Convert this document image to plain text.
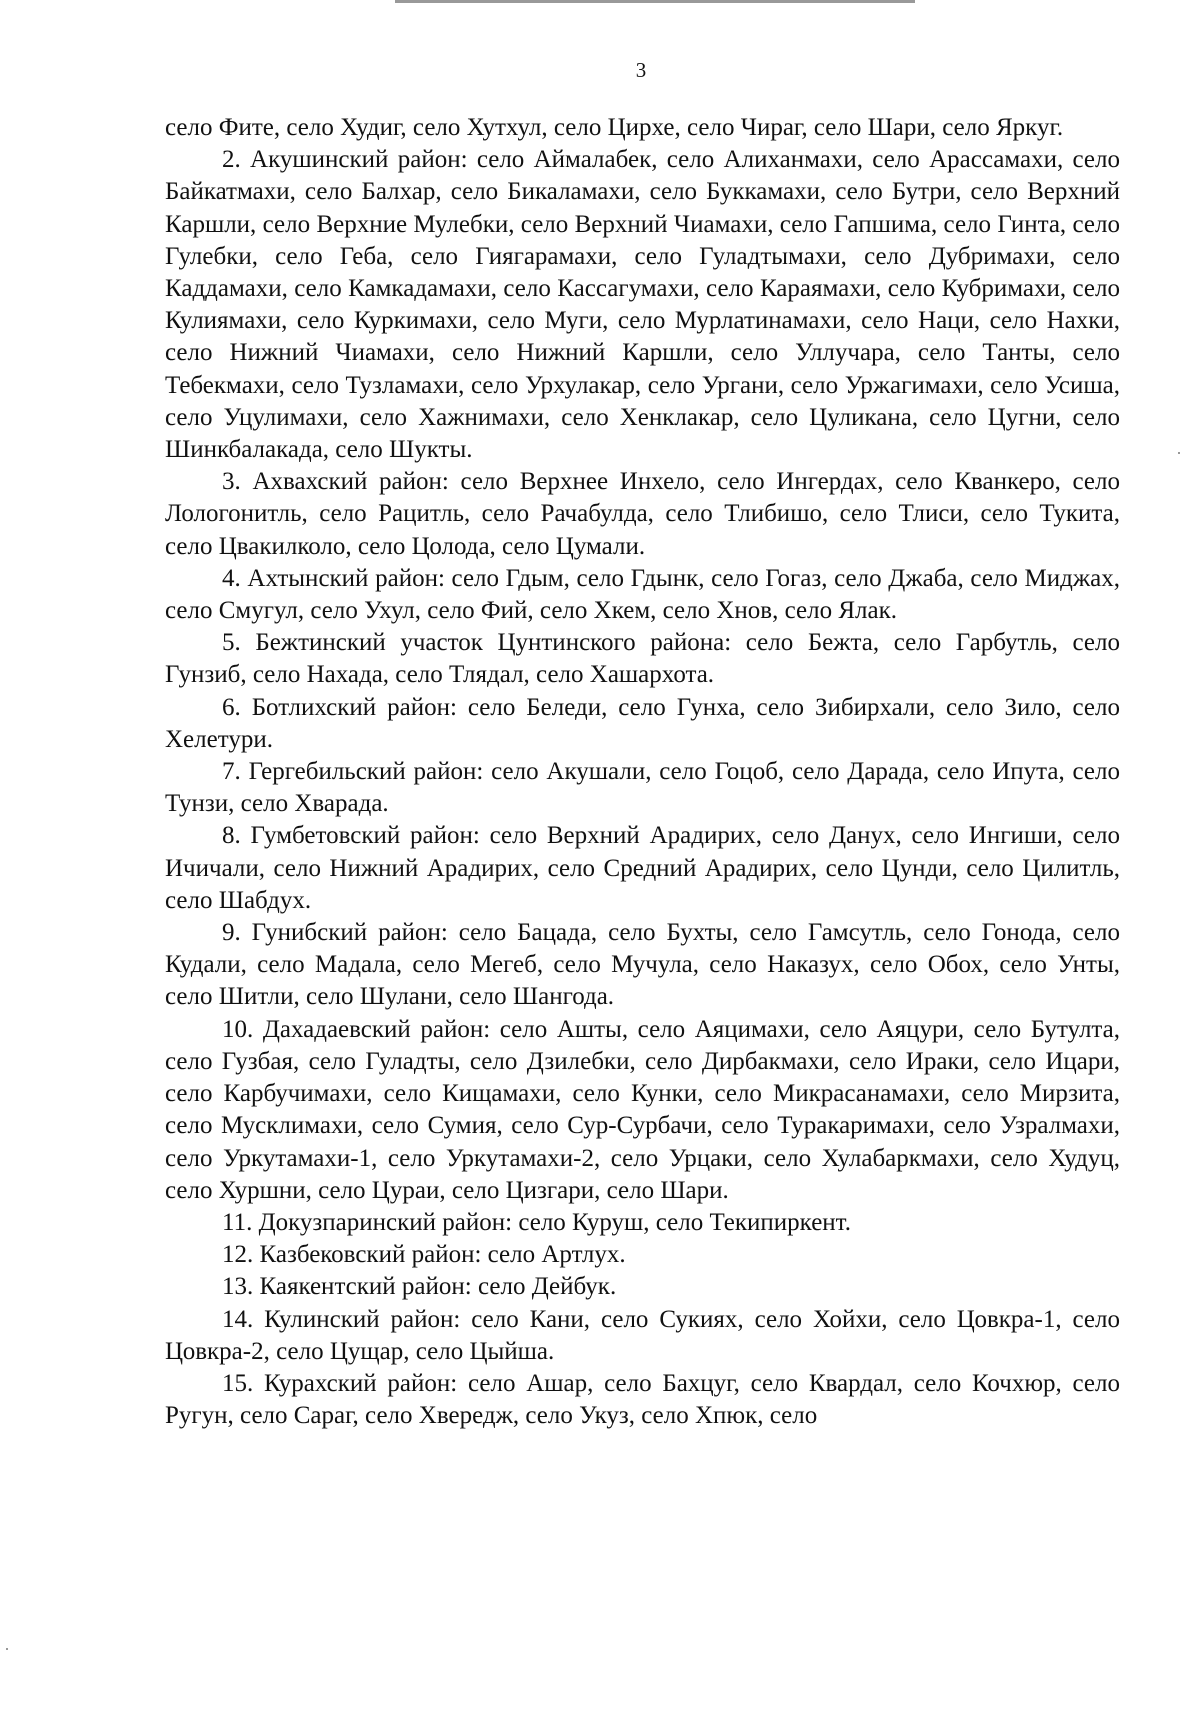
3

село Фите, село Худиг, село Хутхул, село Цирхе, село Чираг, село Шари, село Яркуг.

2. Акушинский район: село Аймалабек, село Алиханмахи, село Арассамахи, село Байкатмахи, село Балхар, село Бикаламахи, село Буккамахи, село Бутри, село Верхний Каршли, село Верхние Мулебки, село Верхний Чиамахи, село Гапшима, село Гинта, село Гулебки, село Геба, село Гиягарамахи, село Гуладтымахи, село Дубримахи, село Каддамахи, село Камкадамахи, село Кассагумахи, село Караямахи, село Кубримахи, село Кулиямахи, село Куркимахи, село Муги, село Мурлатинамахи, село Наци, село Нахки, село Нижний Чиамахи, село Нижний Каршли, село Уллучара, село Танты, село Тебекмахи, село Тузламахи, село Урхулакар, село Ургани, село Уржагимахи, село Усиша, село Уцулимахи, село Хажнимахи, село Хенклакар, село Цуликана, село Цугни, село Шинкбалакада, село Шукты.

3. Ахвахский район: село Верхнее Инхело, село Ингердах, село Кванкеро, село Лологонитль, село Рацитль, село Рачабулда, село Тлибишо, село Тлиси, село Тукита, село Цвакилколо, село Цолода, село Цумали.

4. Ахтынский район: село Гдым, село Гдынк, село Гогаз, село Джаба, село Миджах, село Смугул, село Ухул, село Фий, село Хкем, село Хнов, село Ялак.

5. Бежтинский участок Цунтинского района: село Бежта, село Гарбутль, село Гунзиб, село Нахада, село Тлядал, село Хашархота.

6. Ботлихский район: село Беледи, село Гунха, село Зибирхали, село Зило, село Хелетури.

7. Гергебильский район: село Акушали, село Гоцоб, село Дарада, село Ипута, село Тунзи, село Хварада.

8. Гумбетовский район: село Верхний Арадирих, село Данух, село Ингиши, село Ичичали, село Нижний Арадирих, село Средний Арадирих, село Цунди, село Цилитль, село Шабдух.

9. Гунибский район: село Бацада, село Бухты, село Гамсутль, село Гонода, село Кудали, село Мадала, село Мегеб, село Мучула, село Наказух, село Обох, село Унты, село Шитли, село Шулани, село Шангода.

10. Дахадаевский район: село Ашты, село Аяцимахи, село Аяцури, село Бутулта, село Гузбая, село Гуладты, село Дзилебки, село Дирбакмахи, село Ираки, село Ицари, село Карбучимахи, село Кищамахи, село Кунки, село Микрасанамахи, село Мирзита, село Мусклимахи, село Сумия, село Сур-Сурбачи, село Туракаримахи, село Узралмахи, село Уркутамахи-1, село Уркутамахи-2, село Урцаки, село Хулабаркмахи, село Худуц, село Хуршни, село Цураи, село Цизгари, село Шари.

11. Докузпаринский район: село Куруш, село Текипиркент.

12. Казбековский район: село Артлух.

13. Каякентский район: село Дейбук.

14. Кулинский район: село Кани, село Сукиях, село Хойхи, село Цовкра-1, село Цовкра-2, село Цущар, село Цыйша.

15. Курахский район: село Ашар, село Бахцуг, село Квардал, село Кочхюр, село Ругун, село Сараг, село Хвередж, село Укуз, село Хпюк, село
